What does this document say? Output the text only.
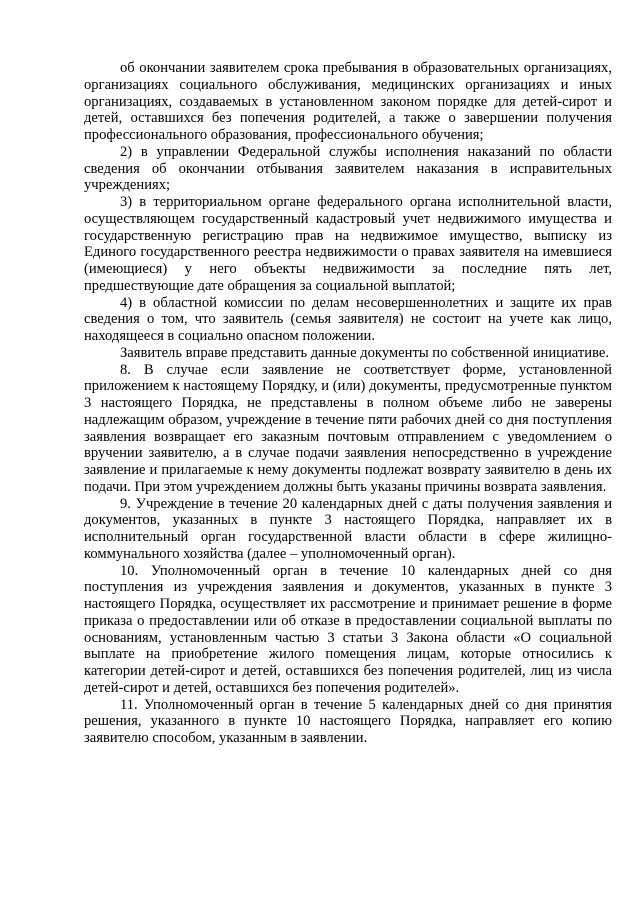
об окончании заявителем срока пребывания в образовательных организациях, организациях социального обслуживания, медицинских организациях и иных организациях, создаваемых в установленном законом порядке для детей-сирот и детей, оставшихся без попечения родителей, а также о завершении получения профессионального образования, профессионального обучения;

2) в управлении Федеральной службы исполнения наказаний по области сведения об окончании отбывания заявителем наказания в исправительных учреждениях;

3) в территориальном органе федерального органа исполнительной власти, осуществляющем государственный кадастровый учет недвижимого имущества и государственную регистрацию прав на недвижимое имущество, выписку из Единого государственного реестра недвижимости о правах заявителя на имевшиеся (имеющиеся) у него объекты недвижимости за последние пять лет, предшествующие дате обращения за социальной выплатой;

4) в областной комиссии по делам несовершеннолетних и защите их прав сведения о том, что заявитель (семья заявителя) не состоит на учете как лицо, находящееся в социально опасном положении.

Заявитель вправе представить данные документы по собственной инициативе.

8. В случае если заявление не соответствует форме, установленной приложением к настоящему Порядку, и (или) документы, предусмотренные пунктом 3 настоящего Порядка, не представлены в полном объеме либо не заверены надлежащим образом, учреждение в течение пяти рабочих дней со дня поступления заявления возвращает его заказным почтовым отправлением с уведомлением о вручении заявителю, а в случае подачи заявления непосредственно в учреждение заявление и прилагаемые к нему документы подлежат возврату заявителю в день их подачи. При этом учреждением должны быть указаны причины возврата заявления.

9. Учреждение в течение 20 календарных дней с даты получения заявления и документов, указанных в пункте 3 настоящего Порядка, направляет их в исполнительный орган государственной власти области в сфере жилищно-коммунального хозяйства (далее – уполномоченный орган).

10. Уполномоченный орган в течение 10 календарных дней со дня поступления из учреждения заявления и документов, указанных в пункте 3 настоящего Порядка, осуществляет их рассмотрение и принимает решение в форме приказа о предоставлении или об отказе в предоставлении социальной выплаты по основаниям, установленным частью 3 статьи 3 Закона области «О социальной выплате на приобретение жилого помещения лицам, которые относились к категории детей-сирот и детей, оставшихся без попечения родителей, лиц из числа детей-сирот и детей, оставшихся без попечения родителей».

11. Уполномоченный орган в течение 5 календарных дней со дня принятия решения, указанного в пункте 10 настоящего Порядка, направляет его копию заявителю способом, указанным в заявлении.
